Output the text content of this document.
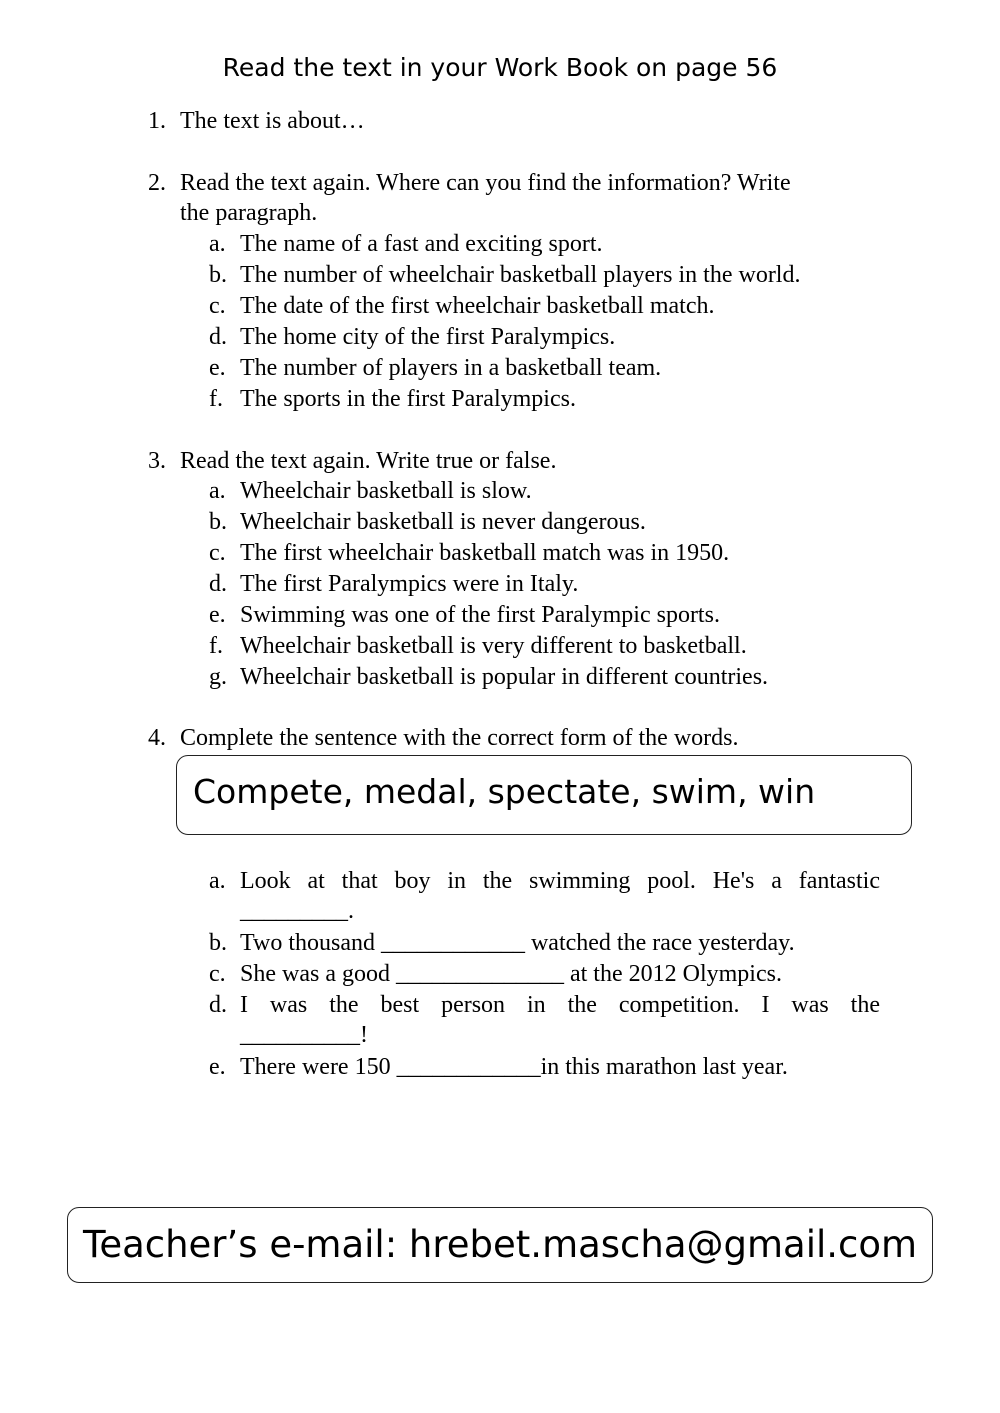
Read the text in your Work Book on page 56
1. The text is about…
2. Read the text again. Where can you find the information? Write
the paragraph.
a. The name of a fast and exciting sport.
b. The number of wheelchair basketball players in the world.
c. The date of the first wheelchair basketball match.
d. The home city of the first Paralympics.
e. The number of players in a basketball team.
f. The sports in the first Paralympics.
3. Read the text again. Write true or false.
a. Wheelchair basketball is slow.
b. Wheelchair basketball is never dangerous.
c. The first wheelchair basketball match was in 1950.
d. The first Paralympics were in Italy.
e. Swimming was one of the first Paralympic sports.
f. Wheelchair basketball is very different to basketball.
g. Wheelchair basketball is popular in different countries.
4. Complete the sentence with the correct form of the words.
Compete, medal, spectate, swim, win
a. Look at that boy in the swimming pool. He's a fantastic
_________.
b. Two thousand ____________ watched the race yesterday.
c. She was a good ______________ at the 2012 Olympics.
d. I was the best person in the competition. I was the
__________!
e. There were 150 ____________in this marathon last year.
Teacher’s e-mail: hrebet.mascha@gmail.com
